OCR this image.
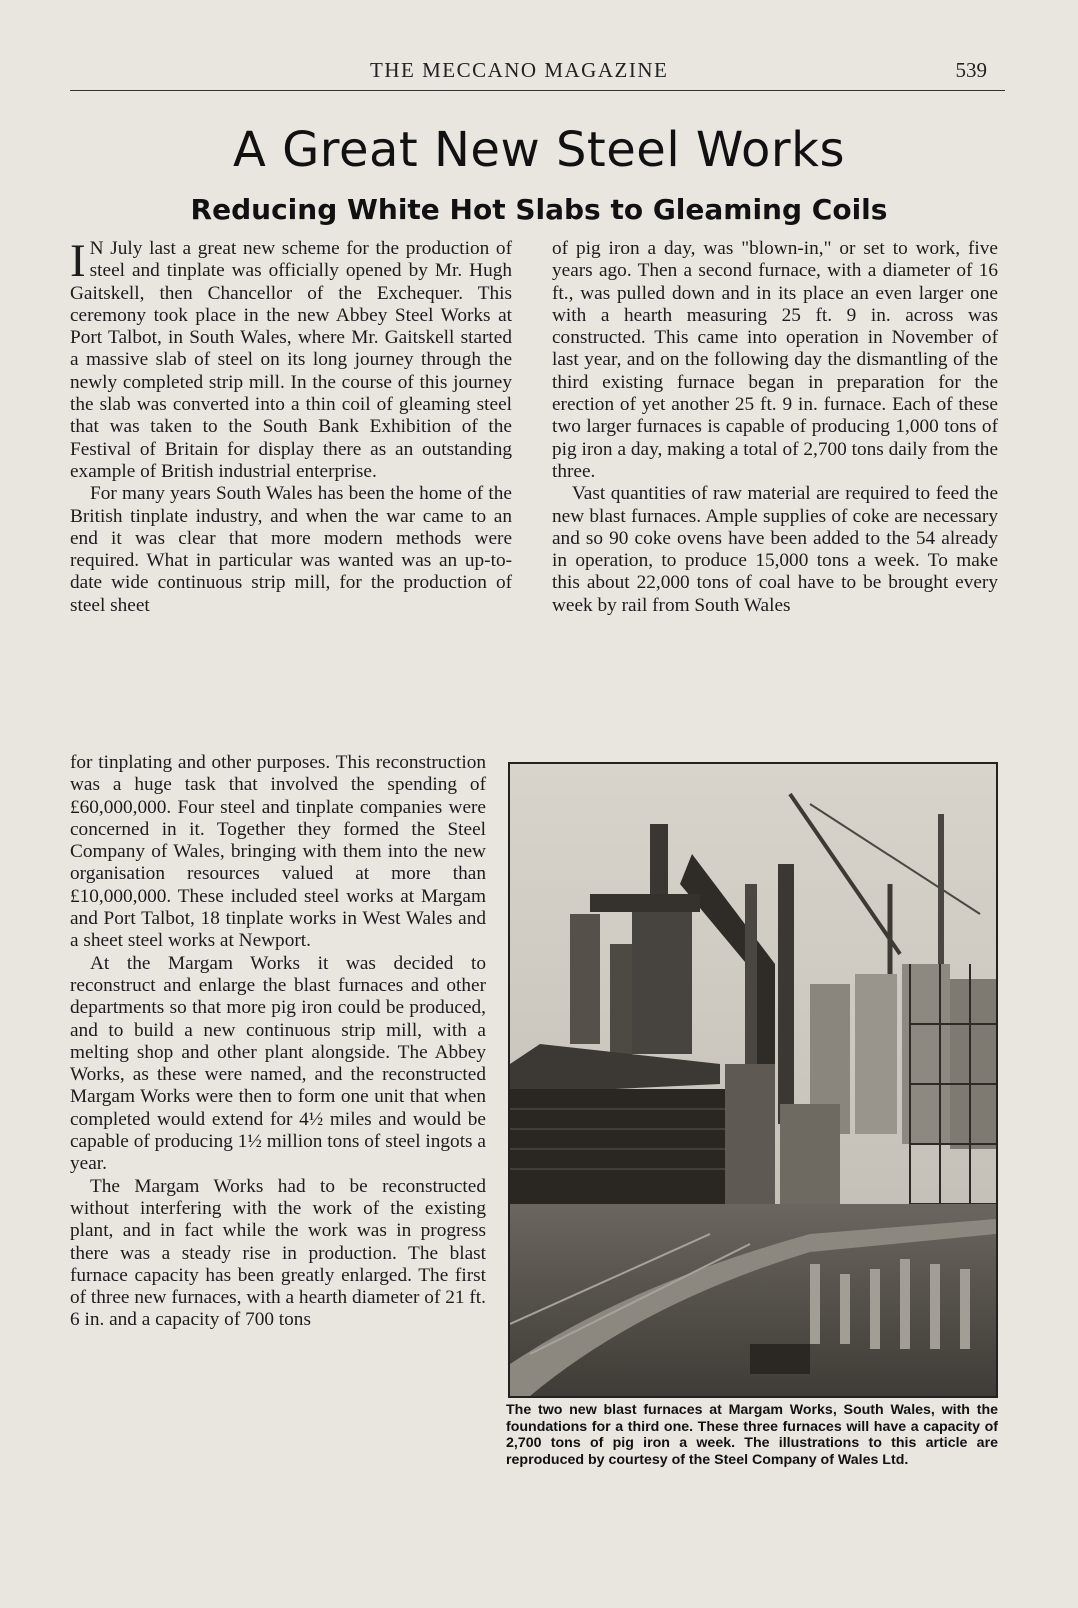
THE MECCANO MAGAZINE	539
A Great New Steel Works
Reducing White Hot Slabs to Gleaming Coils

I N July last a great new scheme for the production of steel and tinplate was officially opened by Mr. Hugh Gaitskell, then Chancellor of the Exchequer. This ceremony took place in the new Abbey Steel Works at Port Talbot, in South Wales, where Mr. Gaitskell started a massive slab of steel on its long journey through the newly completed strip mill. In the course of this journey the slab was converted into a thin coil of gleaming steel that was taken to the South Bank Exhibition of the Festival of Britain for display there as an outstanding example of British industrial enterprise.

For many years South Wales has been the home of the British tinplate industry, and when the war came to an end it was clear that more modern methods were required. What in particular was wanted was an up-to-date wide continuous strip mill, for the production of steel sheet

for tinplating and other purposes. This reconstruction was a huge task that involved the spending of £60,000,000. Four steel and tinplate companies were concerned in it. Together they formed the Steel Company of Wales, bringing with them into the new organisation resources valued at more than £10,000,000. These included steel works at Margam and Port Talbot, 18 tinplate works in West Wales and a sheet steel works at Newport.

At the Margam Works it was decided to reconstruct and enlarge the blast furnaces and other departments so that more pig iron could be produced, and to build a new continuous strip mill, with a melting shop and other plant alongside. The Abbey Works, as these were named, and the reconstructed Margam Works were then to form one unit that when completed would extend for 4½ miles and would be capable of producing 1½ million tons of steel ingots a year.

The Margam Works had to be reconstructed without interfering with the work of the existing plant, and in fact while the work was in progress there was a steady rise in production. The blast furnace capacity has been greatly enlarged. The first of three new furnaces, with a hearth diameter of 21 ft. 6 in. and a capacity of 700 tons

of pig iron a day, was "blown-in," or set to work, five years ago. Then a second furnace, with a diameter of 16 ft., was pulled down and in its place an even larger one with a hearth measuring 25 ft. 9 in. across was constructed. This came into operation in November of last year, and on the following day the dismantling of the third existing furnace began in preparation for the erection of yet another 25 ft. 9 in. furnace. Each of these two larger furnaces is capable of producing 1,000 tons of pig iron a day, making a total of 2,700 tons daily from the three.

Vast quantities of raw material are required to feed the new blast furnaces. Ample supplies of coke are necessary and so 90 coke ovens have been added to the 54 already in operation, to produce 15,000 tons a week. To make this about 22,000 tons of coal have to be brought every week by rail from South Wales

The two new blast furnaces at Margam Works, South Wales, with the foundations for a third one. These three furnaces will have a capacity of 2,700 tons of pig iron a week. The illustrations to this article are reproduced by courtesy of the Steel Company of Wales Ltd.
